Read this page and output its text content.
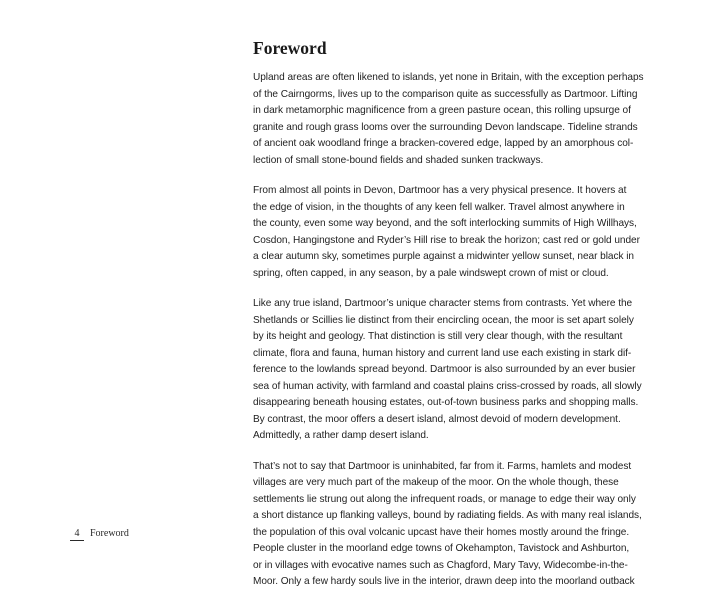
Foreword

Upland areas are often likened to islands, yet none in Britain, with the exception perhaps
of the Cairngorms, lives up to the comparison quite as successfully as Dartmoor. Lifting
in dark metamorphic magnificence from a green pasture ocean, this rolling upsurge of
granite and rough grass looms over the surrounding Devon landscape. Tideline strands
of ancient oak woodland fringe a bracken-covered edge, lapped by an amorphous col-
lection of small stone-bound fields and shaded sunken trackways.

From almost all points in Devon, Dartmoor has a very physical presence. It hovers at
the edge of vision, in the thoughts of any keen fell walker. Travel almost anywhere in
the county, even some way beyond, and the soft interlocking summits of High Willhays,
Cosdon, Hangingstone and Ryder’s Hill rise to break the horizon; cast red or gold under
a clear autumn sky, sometimes purple against a midwinter yellow sunset, near black in
spring, often capped, in any season, by a pale windswept crown of mist or cloud.

Like any true island, Dartmoor’s unique character stems from contrasts. Yet where the
Shetlands or Scillies lie distinct from their encircling ocean, the moor is set apart solely
by its height and geology. That distinction is still very clear though, with the resultant
climate, flora and fauna, human history and current land use each existing in stark dif-
ference to the lowlands spread beyond. Dartmoor is also surrounded by an ever busier
sea of human activity, with farmland and coastal plains criss-crossed by roads, all slowly
disappearing beneath housing estates, out-of-town business parks and shopping malls.
By contrast, the moor offers a desert island, almost devoid of modern development.
Admittedly, a rather damp desert island.

That’s not to say that Dartmoor is uninhabited, far from it. Farms, hamlets and modest
villages are very much part of the makeup of the moor. On the whole though, these
settlements lie strung out along the infrequent roads, or manage to edge their way only
a short distance up flanking valleys, bound by radiating fields. As with many real islands,
the population of this oval volcanic upcast have their homes mostly around the fringe.
People cluster in the moorland edge towns of Okehampton, Tavistock and Ashburton,
or in villages with evocative names such as Chagford, Mary Tavy, Widecombe-in-the-
Moor. Only a few hardy souls live in the interior, drawn deep into the moorland outback

4 Foreword
